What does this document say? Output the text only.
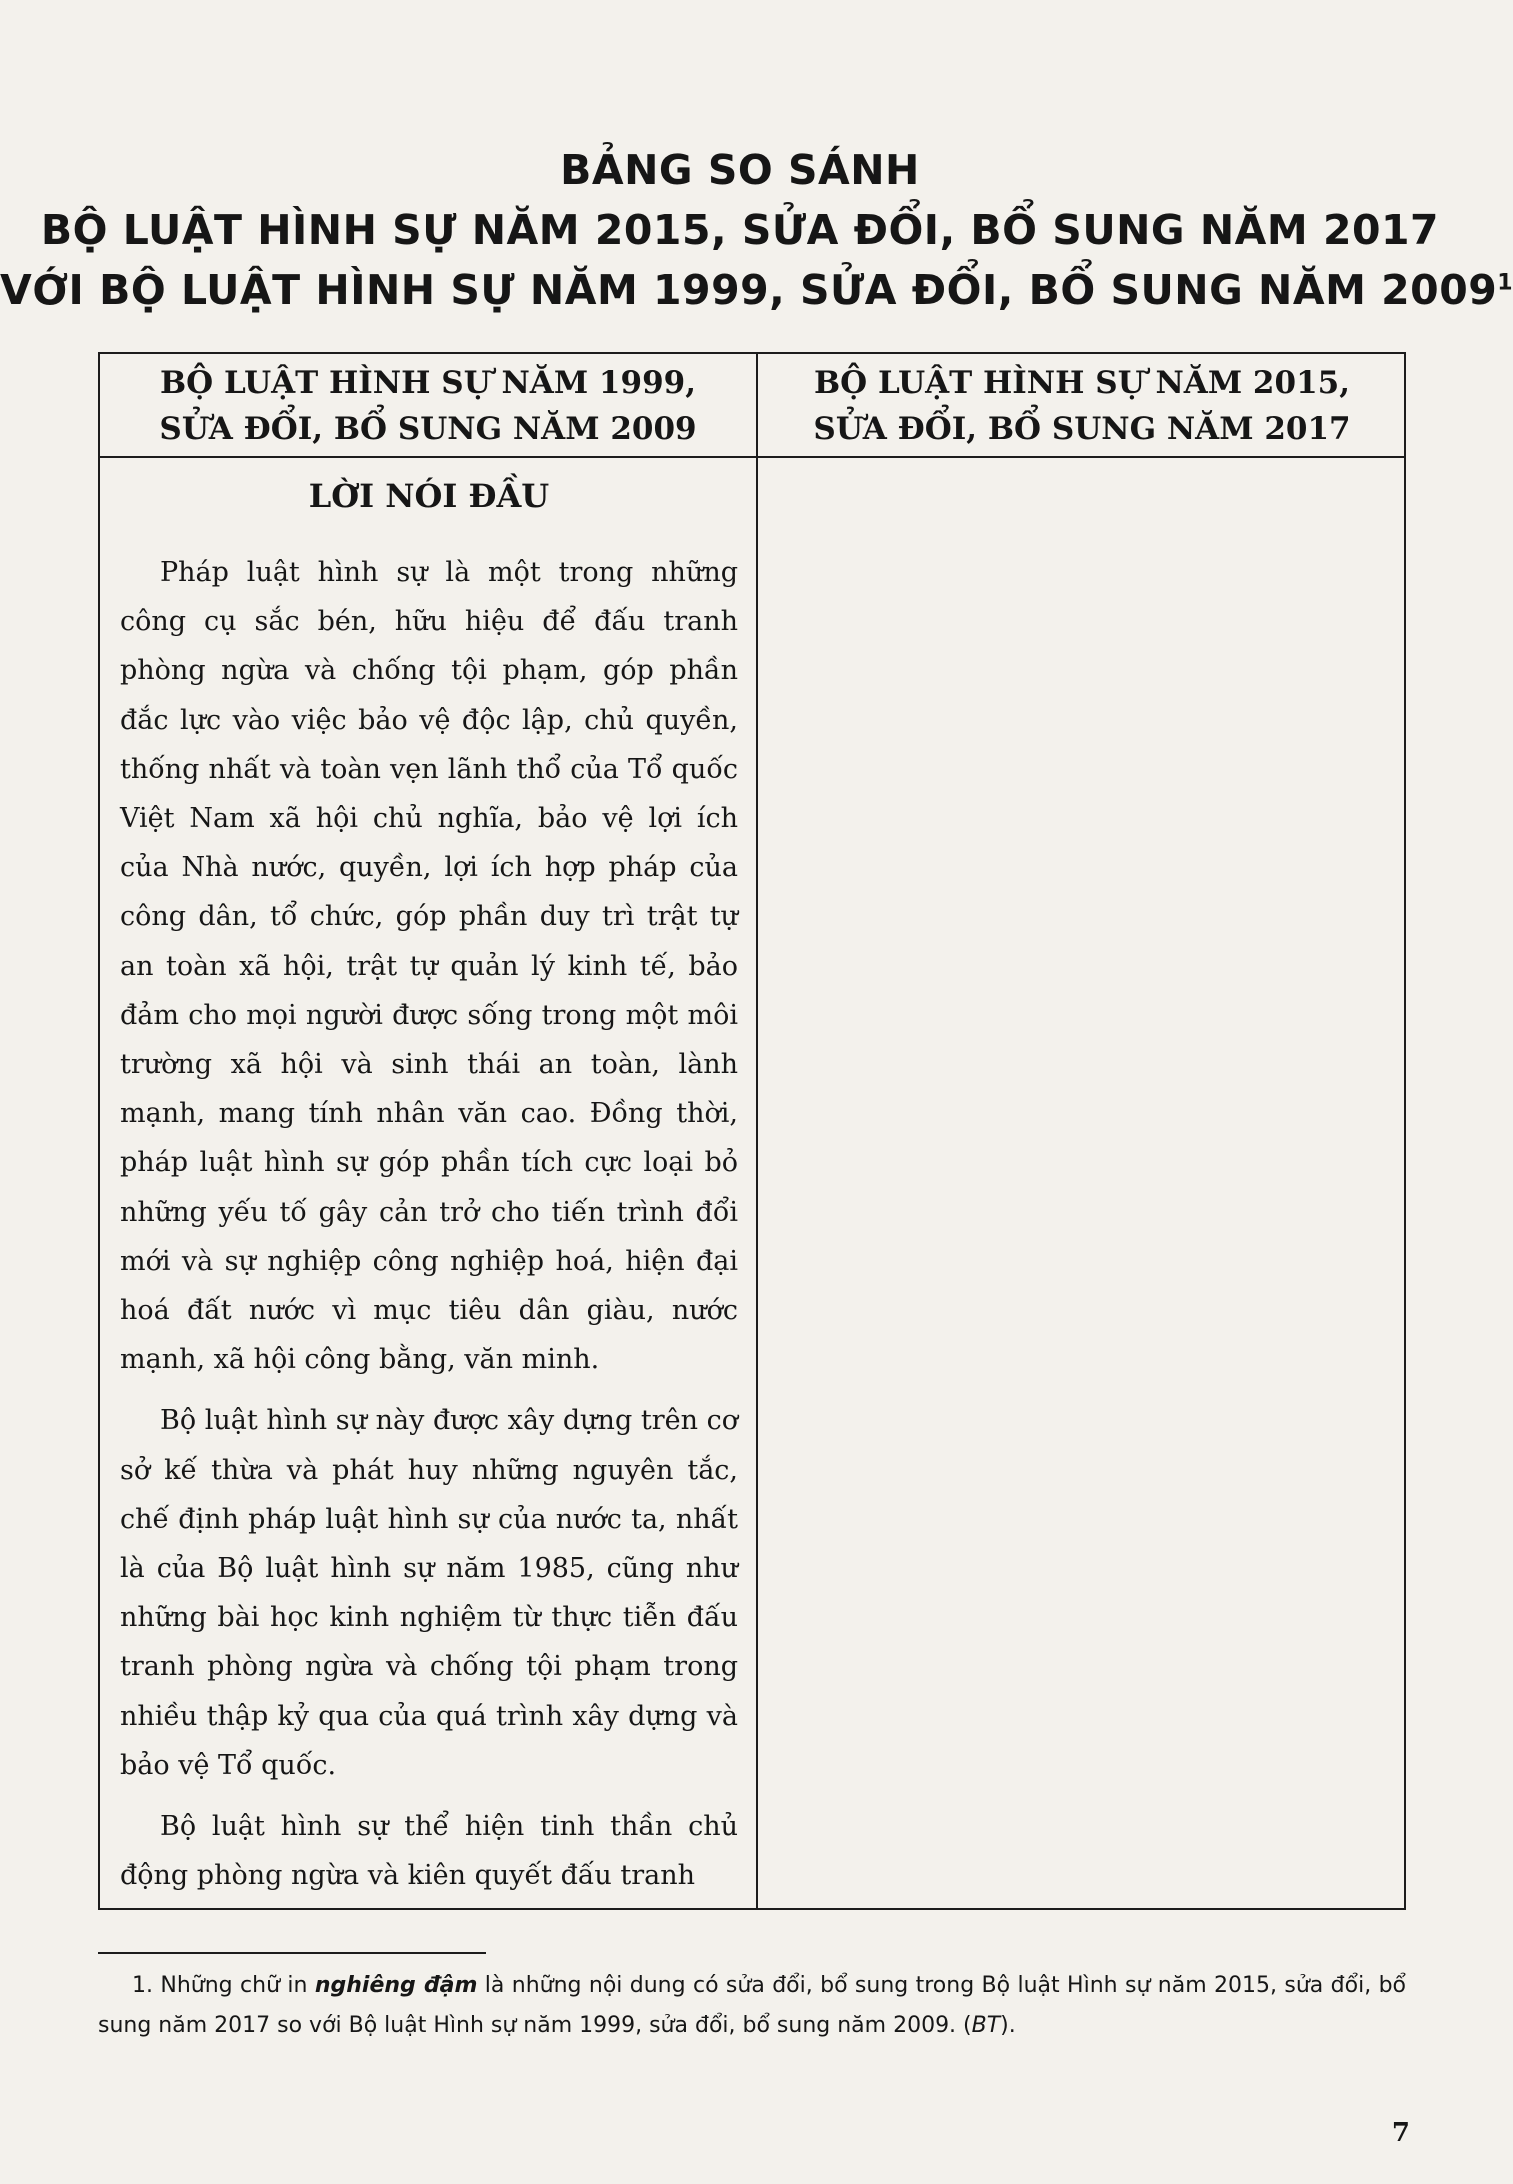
BẢNG SO SÁNH
BỘ LUẬT HÌNH SỰ NĂM 2015, SỬA ĐỔI, BỔ SUNG NĂM 2017
VỚI BỘ LUẬT HÌNH SỰ NĂM 1999, SỬA ĐỔI, BỔ SUNG NĂM 2009$^1$
BỘ LUẬT HÌNH SỰ NĂM 1999,
SỬA ĐỔI, BỔ SUNG NĂM 2009
BỘ LUẬT HÌNH SỰ NĂM 2015,
SỬA ĐỔI, BỔ SUNG NĂM 2017
LỜI NÓI ĐẦU

Pháp luật hình sự là một trong những công cụ sắc bén, hữu hiệu để đấu tranh phòng ngừa và chống tội phạm, góp phần đắc lực vào việc bảo vệ độc lập, chủ quyền, thống nhất và toàn vẹn lãnh thổ của Tổ quốc Việt Nam xã hội chủ nghĩa, bảo vệ lợi ích của Nhà nước, quyền, lợi ích hợp pháp của công dân, tổ chức, góp phần duy trì trật tự an toàn xã hội, trật tự quản lý kinh tế, bảo đảm cho mọi người được sống trong một môi trường xã hội và sinh thái an toàn, lành mạnh, mang tính nhân văn cao. Đồng thời, pháp luật hình sự góp phần tích cực loại bỏ những yếu tố gây cản trở cho tiến trình đổi mới và sự nghiệp công nghiệp hoá, hiện đại hoá đất nước vì mục tiêu dân giàu, nước mạnh, xã hội công bằng, văn minh.

Bộ luật hình sự này được xây dựng trên cơ sở kế thừa và phát huy những nguyên tắc, chế định pháp luật hình sự của nước ta, nhất là của Bộ luật hình sự năm 1985, cũng như những bài học kinh nghiệm từ thực tiễn đấu tranh phòng ngừa và chống tội phạm trong nhiều thập kỷ qua của quá trình xây dựng và bảo vệ Tổ quốc.

Bộ luật hình sự thể hiện tinh thần chủ động phòng ngừa và kiên quyết đấu tranh

1. Những chữ in nghiêng đậm là những nội dung có sửa đổi, bổ sung trong Bộ luật Hình sự năm 2015, sửa đổi, bổ sung năm 2017 so với Bộ luật Hình sự năm 1999, sửa đổi, bổ sung năm 2009. (BT).
7
